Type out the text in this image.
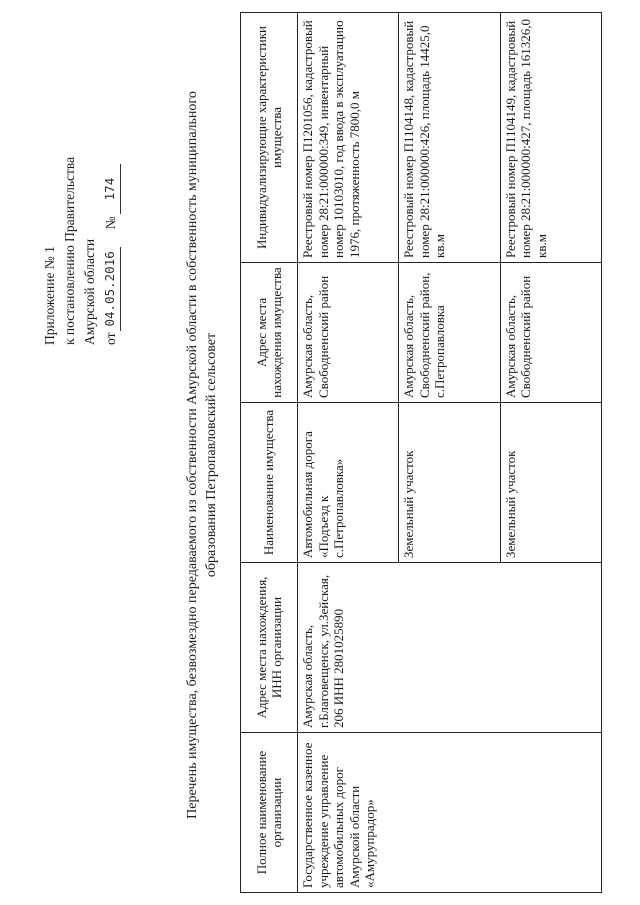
Приложение № 1 к постановлению Правительства Амурской области от
04.05.2016
№
174	Перечень имущества, безвозмездно передаваемого из собственности Амурской области в собственность муниципального образования Петропавловский сельсовет
Полное наименование организации	Адрес места нахождения, ИНН организации	Наименование имущества	Адрес места нахождения имущества	Индивидуализирующие характеристики имущества
Государственное казенное учреждение управление автомобильных дорог Амурской области «Амурупрадор»	Амурская область, г.Благовещенск, ул.Зейская, 206 ИНН 2801025890	Автомобильная дорога «Подъезд к с.Петропавловка»	Амурская область, Свободненский район	Реестровый номер П1201056, кадастровый номер 28:21:000000:349, инвентарный номер 10103010, год ввода в эксплуатацию 1976, протяженность 7800,0 м
		Земельный участок	Амурская область, Свободненский район, с.Петропавловка	Реестровый номер П1104148, кадастровый номер 28:21:000000:426, площадь 14425,0 кв.м
		Земельный участок	Амурская область, Свободненский район	Реестровый номер П1104149, кадастровый номер 28:21:000000:427, площадь 161326,0 кв.м
